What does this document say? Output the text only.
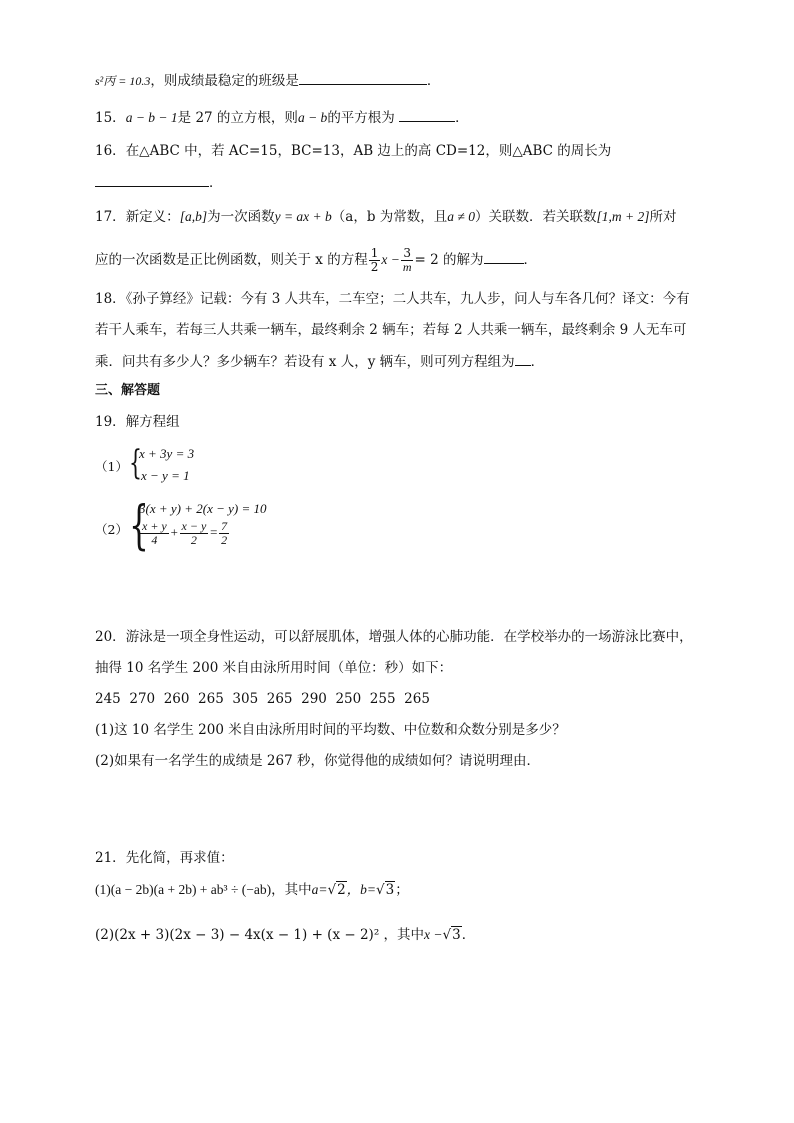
s²丙 = 10.3，则成绩最稳定的班级是	．
15．a − b − 1是 27 的立方根，则a − b的平方根为	．
16．在△ABC 中，若 AC=15，BC=13，AB 边上的高 CD=12，则△ABC 的周长为
．
17．新定义：[a,b]为一次函数y = ax + b（a，b 为常数，且a ≠ 0）关联数．若关联数[1,m + 2]所对
应的一次函数是正比例函数，则关于 x 的方程 $\frac{1}{2}$ $x - \frac{3}{m} = 2$ 的解为	．
18．《孙子算经》记载：今有 3 人共车，二车空；二人共车，九人步，问人与车各几何？译文：今有
若干人乘车，若每三人共乘一辆车，最终剩余 2 辆车；若每 2 人共乘一辆车，最终剩余 9 人无车可
乘．问共有多少人？多少辆车？若设有 x 人，y 辆车，则可列方程组为 ．
三、解答题
19．解方程组
（1） {
x + 3y = 3
x − y = 1
（2） {
3(x + y) + 2(x − y) = 10
$\frac{x + y}{4} + \frac{x - y}{2} = \frac{7}{2}$
20．游泳是一项全身性运动，可以舒展肌体，增强人体的心肺功能．在学校举办的一场游泳比赛中，
抽得 10 名学生 200 米自由泳所用时间（单位：秒）如下：
245  270  260  265  305  265  290  250  255  265
(1)这 10 名学生 200 米自由泳所用时间的平均数、中位数和众数分别是多少？
(2)如果有一名学生的成绩是 267 秒，你觉得他的成绩如何？请说明理由．
21．先化简，再求值：
(1)(a − 2b)(a + 2b) + ab³ ÷ (−ab)，其中a=√2，b=√3；
(2)(2x + 3)(2x − 3) − 4x(x − 1) + (x − 2)² ，其中x −√3．
